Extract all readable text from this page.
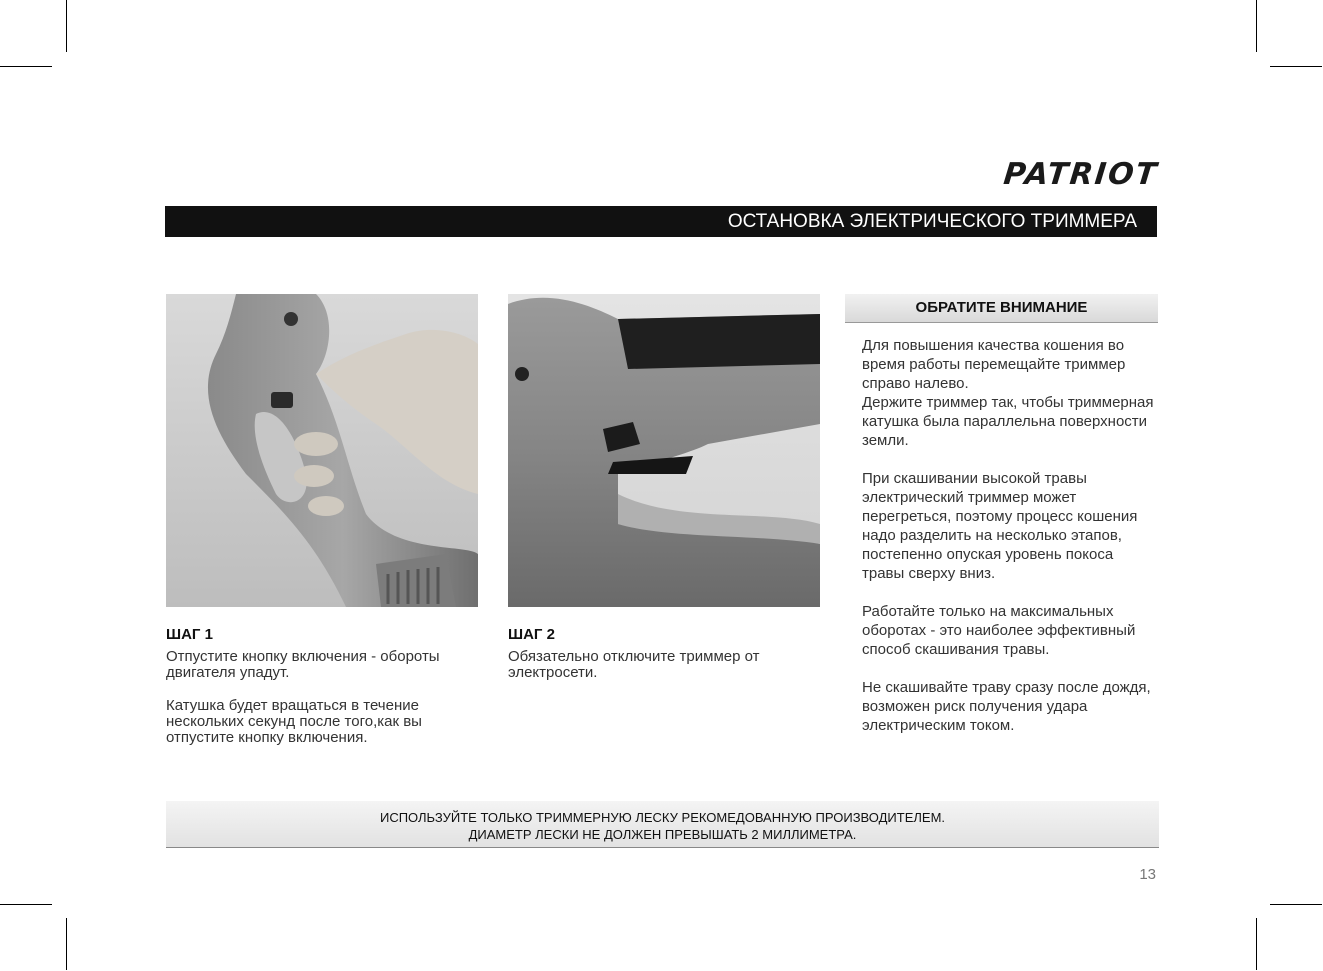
PATRIOT
ОСТАНОВКА ЭЛЕКТРИЧЕСКОГО ТРИММЕРА
ШАГ 1

Отпустите кнопку включения - обороты двигателя упадут.

Катушка будет вращаться в течение нескольких секунд после того,как вы отпустите кнопку включения.

ШАГ 2

Обязательно отключите триммер от электросети.

ОБРАТИТЕ ВНИМАНИЕ

Для повышения качества кошения во время работы перемещайте триммер справо налево.
Держите триммер так, чтобы триммерная катушка была параллельна поверхности земли.

При скашивании высокой травы электрический триммер может перегреться, поэтому процесс кошения надо разделить на несколько этапов, постепенно опуская уровень покоса травы сверху вниз.

Работайте только на максимальных оборотах - это наиболее эффективный способ скашивания травы.

Не скашивайте траву сразу после дождя, возможен риск получения удара электрическим током.

ИСПОЛЬЗУЙТЕ ТОЛЬКО ТРИММЕРНУЮ ЛЕСКУ РЕКОМЕДОВАННУЮ ПРОИЗВОДИТЕЛЕМ.
ДИАМЕТР ЛЕСКИ НЕ ДОЛЖЕН ПРЕВЫШАТЬ 2 МИЛЛИМЕТРА.
13
